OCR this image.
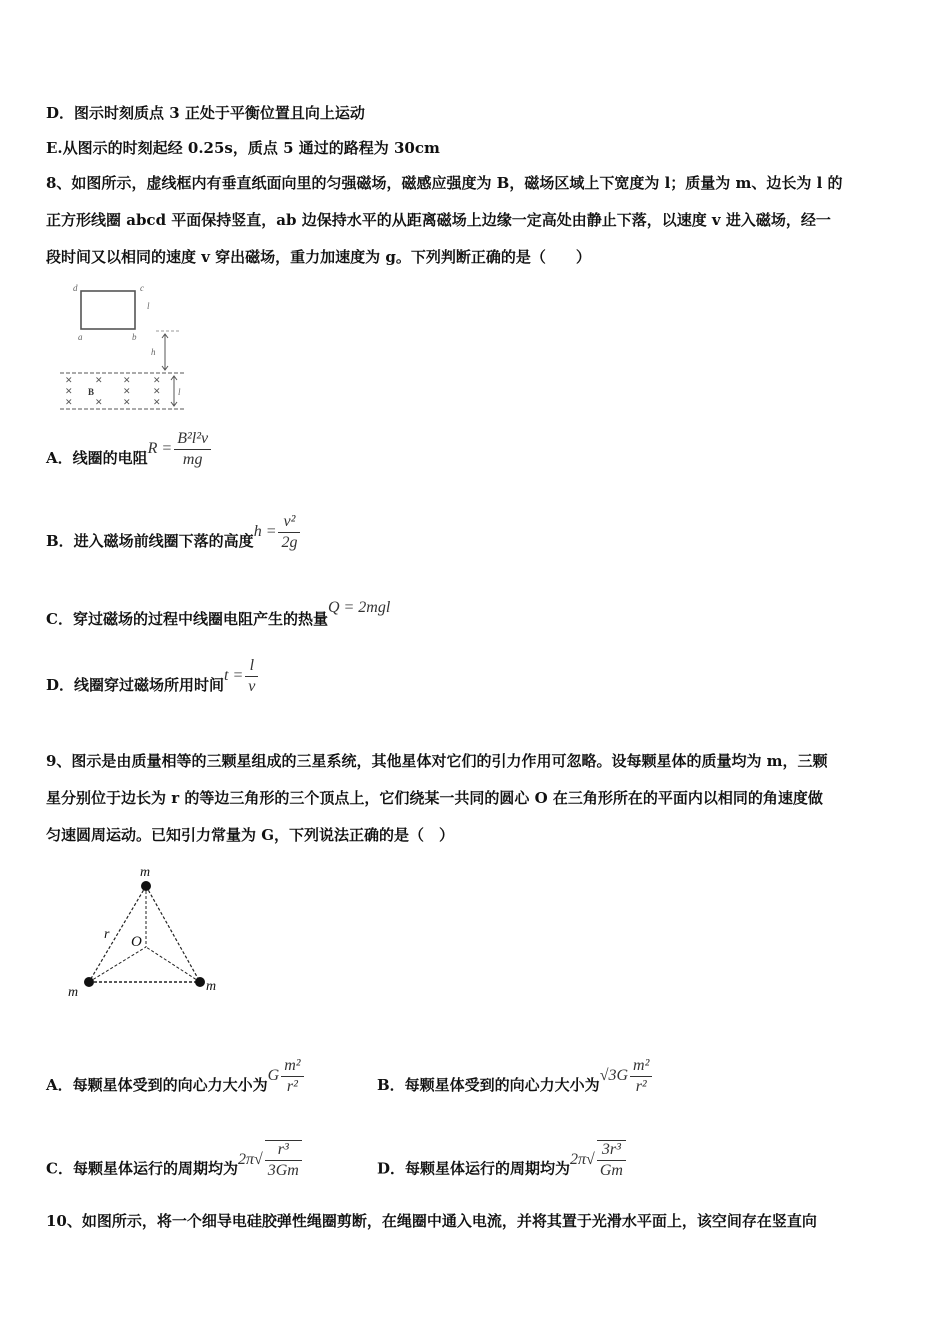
D．图示时刻质点 3 正处于平衡位置且向上运动
E.从图示的时刻起经 0.25s，质点 5 通过的路程为 30cm
8、如图所示，虚线框内有垂直纸面向里的匀强磁场，磁感应强度为 B，磁场区域上下宽度为 l；质量为 m、边长为 l 的
正方形线圈 abcd 平面保持竖直，ab 边保持水平的从距离磁场上边缘一定高处由静止下落，以速度 v 进入磁场，经一
段时间又以相同的速度 v 穿出磁场，重力加速度为 g。下列判断正确的是（　　）
d	c
l
a	b
h
✕ ✕ ✕ ✕
✕	✕ ✕
✕ ✕ ✕ ✕
B	l
A．线圈的电阻$R = \frac{\text{B²l²v}}{mg}$
B．进入磁场前线圈下落的高度$h = \frac{\text{v²}}{2g}$
C．穿过磁场的过程中线圈电阻产生的热量Q = 2mgl
D．线圈穿过磁场所用时间$t = \frac{l}{v}$
9、图示是由质量相等的三颗星组成的三星系统，其他星体对它们的引力作用可忽略。设每颗星体的质量均为 m，三颗
星分别位于边长为 r 的等边三角形的三个顶点上，它们绕某一共同的圆心 O 在三角形所在的平面内以相同的角速度做
匀速圆周运动。已知引力常量为 G，下列说法正确的是（　）
m
m	m
r O
A．每颗星体受到的向心力大小为G $\frac{\text{m²}}{\text{r²}}$	B．每颗星体受到的向心力大小为$√3G \frac{\text{m²}}{\text{r²}}$
C．每颗星体运行的周期均为$2\pi√ \frac{\text{r³}}{3Gm}$	D．每颗星体运行的周期均为$2\pi√ \frac{\text{3r³}}{Gm}$
10、如图所示，将一个细导电硅胶弹性绳圈剪断，在绳圈中通入电流，并将其置于光滑水平面上，该空间存在竖直向
